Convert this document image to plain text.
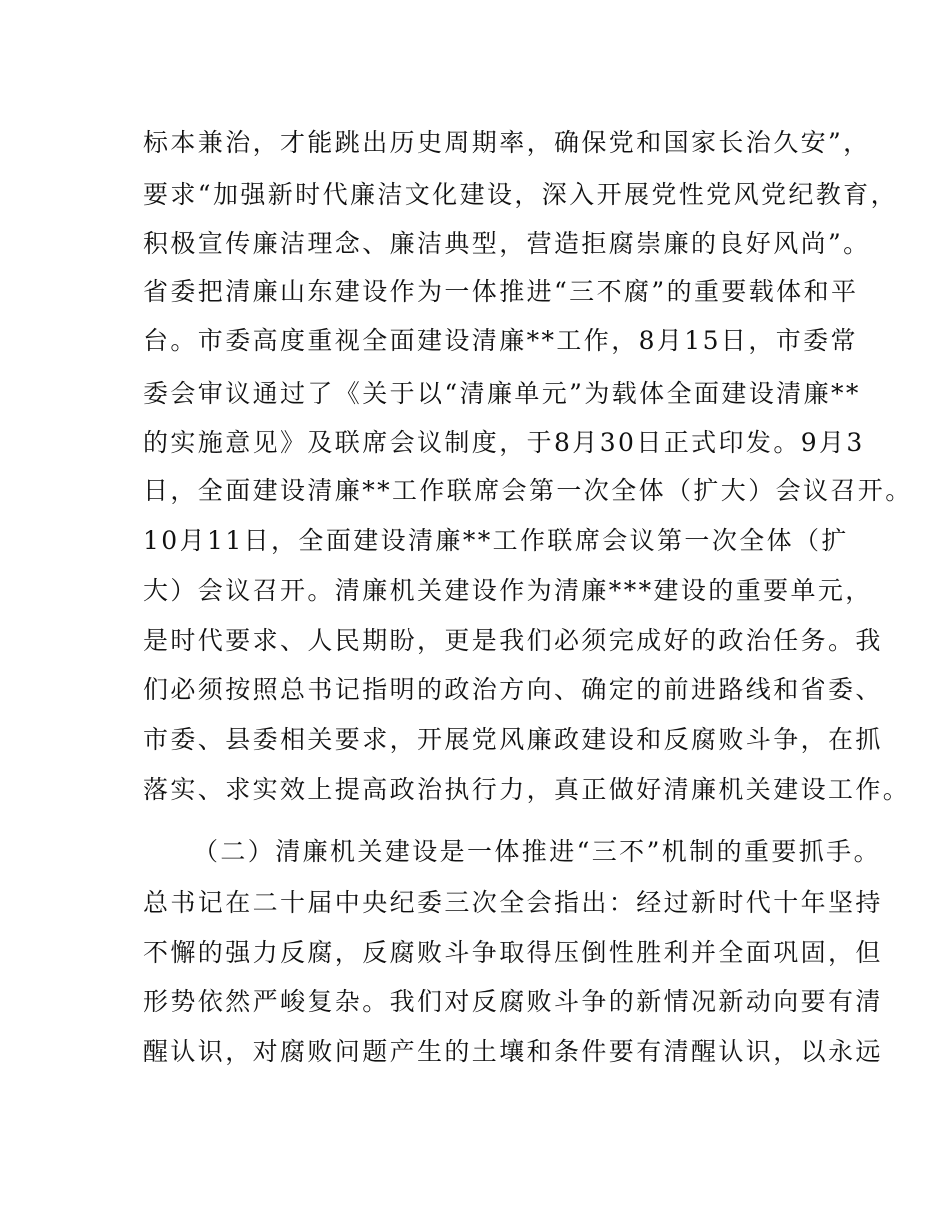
标本兼治，才能跳出历史周期率，确保党和国家长治久安”，
要求“加强新时代廉洁文化建设，深入开展党性党风党纪教育，
积极宣传廉洁理念、廉洁典型，营造拒腐崇廉的良好风尚”。
省委把清廉山东建设作为一体推进“三不腐”的重要载体和平
台。市委高度重视全面建设清廉**工作，8月15日，市委常
委会审议通过了《关于以“清廉单元”为载体全面建设清廉**
的实施意见》及联席会议制度，于8月30日正式印发。9月3
日，全面建设清廉**工作联席会第一次全体（扩大）会议召开。
10月11日，全面建设清廉**工作联席会议第一次全体（扩
大）会议召开。清廉机关建设作为清廉***建设的重要单元，
是时代要求、人民期盼，更是我们必须完成好的政治任务。我
们必须按照总书记指明的政治方向、确定的前进路线和省委、
市委、县委相关要求，开展党风廉政建设和反腐败斗争，在抓
落实、求实效上提高政治执行力，真正做好清廉机关建设工作。
（二）清廉机关建设是一体推进“三不”机制的重要抓手。
总书记在二十届中央纪委三次全会指出：经过新时代十年坚持
不懈的强力反腐，反腐败斗争取得压倒性胜利并全面巩固，但
形势依然严峻复杂。我们对反腐败斗争的新情况新动向要有清
醒认识，对腐败问题产生的土壤和条件要有清醒认识，以永远
